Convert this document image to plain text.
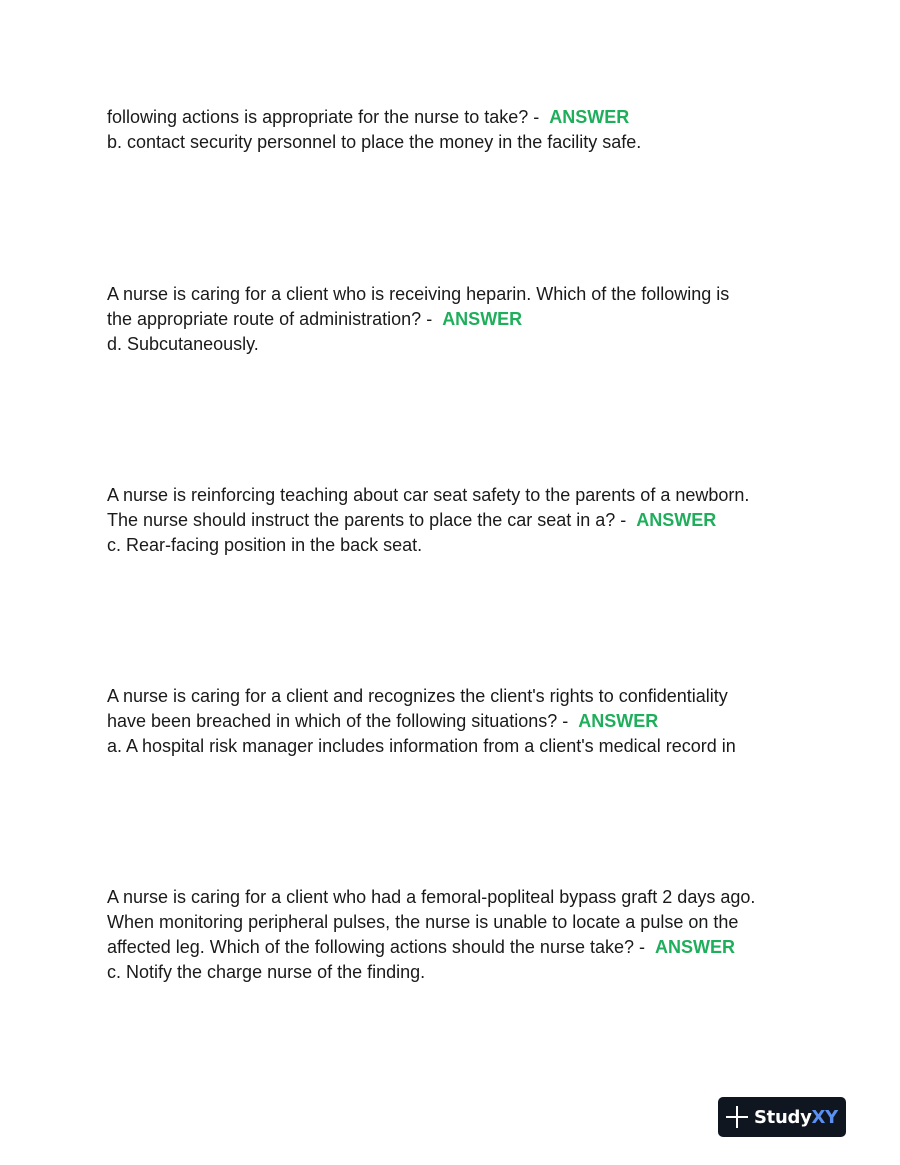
following actions is appropriate for the nurse to take? - ANSWER
b. contact security personnel to place the money in the facility safe.
A nurse is caring for a client who is receiving heparin. Which of the following is
the appropriate route of administration? - ANSWER
d. Subcutaneously.
A nurse is reinforcing teaching about car seat safety to the parents of a newborn.
The nurse should instruct the parents to place the car seat in a? - ANSWER
c. Rear-facing position in the back seat.
A nurse is caring for a client and recognizes the client's rights to confidentiality
have been breached in which of the following situations? - ANSWER
a. A hospital risk manager includes information from a client's medical record in
A nurse is caring for a client who had a femoral-popliteal bypass graft 2 days ago.
When monitoring peripheral pulses, the nurse is unable to locate a pulse on the
affected leg. Which of the following actions should the nurse take? - ANSWER
c. Notify the charge nurse of the finding.
StudyXY
